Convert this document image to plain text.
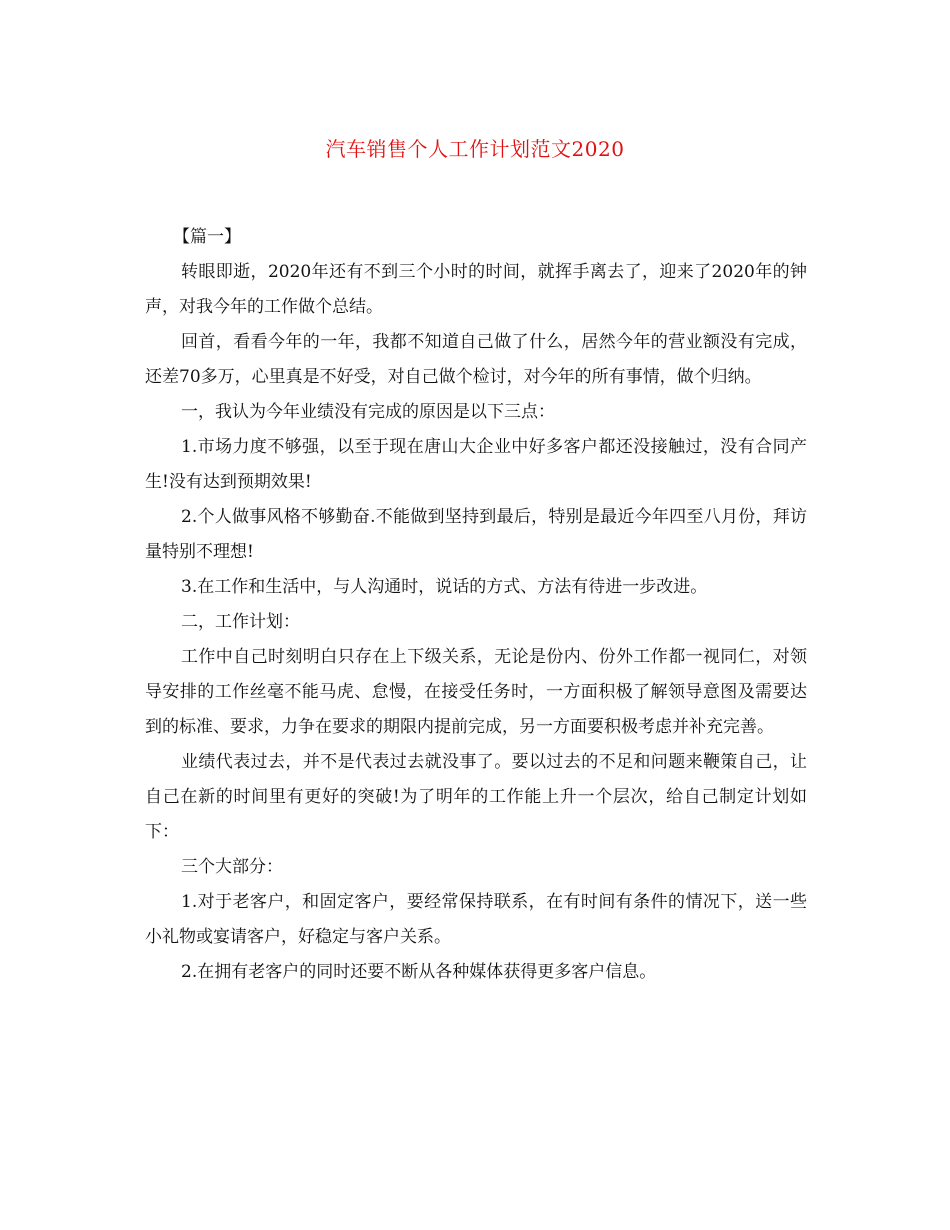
汽车销售个人工作计划范文2020

【篇一】

转眼即逝，2020年还有不到三个小时的时间，就挥手离去了，迎来了2020年的钟声，对我今年的工作做个总结。

回首，看看今年的一年，我都不知道自己做了什么，居然今年的营业额没有完成，还差70多万，心里真是不好受，对自己做个检讨，对今年的所有事情，做个归纳。

一，我认为今年业绩没有完成的原因是以下三点：

1.市场力度不够强，以至于现在唐山大企业中好多客户都还没接触过，没有合同产生!没有达到预期效果!

2.个人做事风格不够勤奋.不能做到坚持到最后，特别是最近今年四至八月份，拜访量特别不理想!

3.在工作和生活中，与人沟通时，说话的方式、方法有待进一步改进。

二，工作计划：

工作中自己时刻明白只存在上下级关系，无论是份内、份外工作都一视同仁，对领导安排的工作丝毫不能马虎、怠慢，在接受任务时，一方面积极了解领导意图及需要达到的标准、要求，力争在要求的期限内提前完成，另一方面要积极考虑并补充完善。

业绩代表过去，并不是代表过去就没事了。要以过去的不足和问题来鞭策自己，让自己在新的时间里有更好的突破!为了明年的工作能上升一个层次，给自己制定计划如下：

三个大部分：

1.对于老客户，和固定客户，要经常保持联系，在有时间有条件的情况下，送一些小礼物或宴请客户，好稳定与客户关系。

2.在拥有老客户的同时还要不断从各种媒体获得更多客户信息。
